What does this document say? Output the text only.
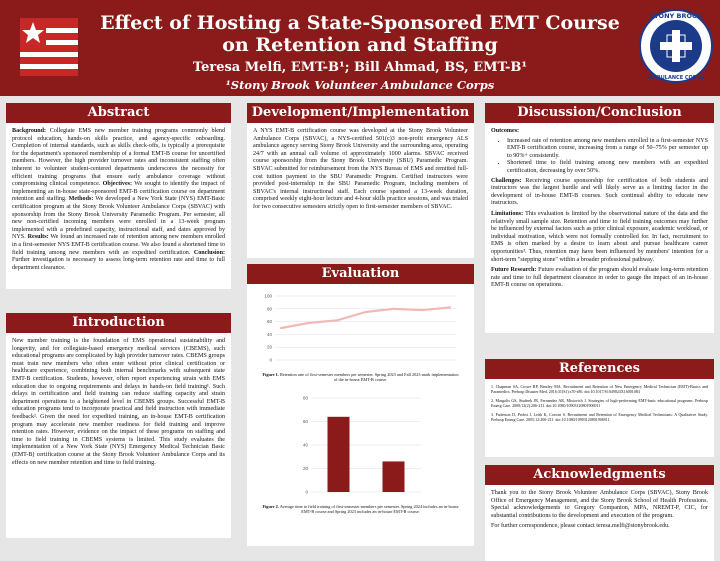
Effect of Hosting a State-Sponsored EMT Course on Retention and Staffing
Teresa Melfi, EMT-B¹; Bill Ahmad, BS, EMT-B¹
¹Stony Brook Volunteer Ambulance Corps
STONY BROOK
AMBULANCE CORPS
Abstract
Background: Collegiate EMS new member training programs commonly blend protocol education, hands-on skills practice, and agency-specific onboarding. Completion of internal standards, such as skills check-offs, is typically a prerequisite for the department's sponsored membership of a formal EMT-B course for uncertified members. However, the high provider turnover rates and inconsistent staffing often inherent to volunteer student-centered departments underscores the necessity for efficient training programs that ensure early ambulance coverage without compromising clinical competence. Objectives: We sought to identify the impact of implementing an in-house state-sponsored EMT-B certification course on department retention and staffing. Methods: We developed a New York State (NYS) EMT-Basic certification program at the Stony Brook Volunteer Ambulance Corps (SBVAC) with sponsorship from the Stony Brook University Paramedic Program. Per semester, all new non-certified incoming members were enrolled in a 13-week program implemented with a predefined capacity, instructional staff, and dates approved by NYS. Results: We found an increased rate of retention among new members enrolled in a first-semester NYS EMT-B certification course. We also found a shortened time to field training among new members with an expedited certification. Conclusion: Further investigation is necessary to assess long-term retention rate and time to full department clearance.
Introduction
New member training is the foundation of EMS operational sustainability and longevity, and for collegiate-based emergency medical services (CBEMS), such educational programs are complicated by high provider turnover rates. CBEMS groups must train new members who often enter without prior clinical certification or healthcare experience, combining both internal benchmarks with subsequent state EMT-B certification. Students, however, often report experiencing strain with EMS education due to ongoing requirements and delays in hands-on field training¹. Such delays in certification and field training can reduce staffing capacity and strain department operations to a heightened level in CBEMS groups. Successful EMT-B education programs tend to incorporate practical and field instruction with immediate feedback². Given the need for expedited training, an in-house EMT-B certification program may accelerate new member readiness for field training and improve retention rates. However, evidence on the impact of these programs on staffing and time to field training in CBEMS systems is limited. This study evaluates the implementation of a New York State (NYS) Emergency Medical Technician Basic (EMT-B) certification course at the Stony Brook Volunteer Ambulance Corps and its effects on new member retention and time to field training.
Development/Implementation
A NYS EMT-B certification course was developed at the Stony Brook Volunteer Ambulance Corps (SBVAC), a NYS-certified 501(c)3 non-profit emergency ALS ambulance agency serving Stony Brook University and the surrounding area, operating 24/7 with an annual call volume of approximately 1000 alarms. SBVAC received course sponsorship from the Stony Brook University (SBU) Paramedic Program. SBVAC submitted for reimbursement from the NYS Bureau of EMS and remitted full-cost tuition payment to the SBU Paramedic Program. Certified instructors were provided post-internship in the SBU Paramedic Program, including members of SBVAC's internal instructional staff. Each course spanned a 13-week duration, comprised weekly eight-hour lecture and 4-hour skills practice sessions, and was trialed for two consecutive semesters strictly open to first-semester members of SBVAC.
Evaluation
0
20
40
60
80
100
Figure 1. Retention rate of first-semester members per semester. Spring 2023 and Fall 2023 mark implementation of the in-house EMT-B course.
0
20
40
60
80
Figure 2. Average time to field training of first-semester members per semester. Spring 2024 includes an in-house EMT-B course and Spring 2023 includes an in-house EMT-B course.
Discussion/Conclusion
Outcomes:
• Increased rate of retention among new members enrolled in a first-semester NYS EMT-B certification course, increasing from a range of 50–75% per semester up to 90%+ consistently.
• Shortened time to field training among new members with an expedited certification, decreasing by over 50%.

Challenges: Receiving course sponsorship for certification of both students and instructors was the largest hurdle and will likely serve as a limiting factor in the development of in-house EMT-B courses. Such continual ability to educate new instructors.

Limitations: This evaluation is limited by the observational nature of the data and the relatively small sample size. Retention and time to field training outcomes may further be influenced by external factors such as prior clinical exposure, academic workload, or individual motivation, which were not formally controlled for. In fact, recruitment to EMS is often marked by a desire to learn about and pursue healthcare career opportunities³. Thus, retention may have been influenced by members' intention for a short-term "stepping stone" within a broader professional pathway.

Future Research: Future evaluation of the program should evaluate long-term retention rate and time to full department clearance in order to gauge the impact of an in-house EMT-B course on operations.

References

1. Chapman SA, Crowe RP, Bentley MA. Recruitment and Retention of New Emergency Medical Technician (EMT)-Basics and Paramedics. Prehosp Disaster Med. 2016;31(S1):s70-s86. doi:10.1017/S1049023X16001084

2. Margolis GS, Studnek JR, Fernandez AR, Mistovich J. Strategies of high-performing EMT-basic educational programs. Prehosp Emerg Care. 2008;12(2):206-211. doi:10.1080/10903120801906911

3. Patterson D, Probst J, Leith K, Corwin S. Recruitment and Retention of Emergency Medical Technicians: A Qualitative Study. Prehosp Emerg Care. 2005;12:206-211. doi:10.1080/10903120801906911

Acknowledgments

Thank you to the Stony Brook Volunteer Ambulance Corps (SBVAC), Stony Brook Office of Emergency Management, and the Stony Brook School of Health Professions. Special acknowledgements to Gregory Companion, MPA, NREMT-P, CIC, for substantial contributions to the development and execution of the program.

For further correspondence, please contact teresa.melfi@stonybrook.edu.
